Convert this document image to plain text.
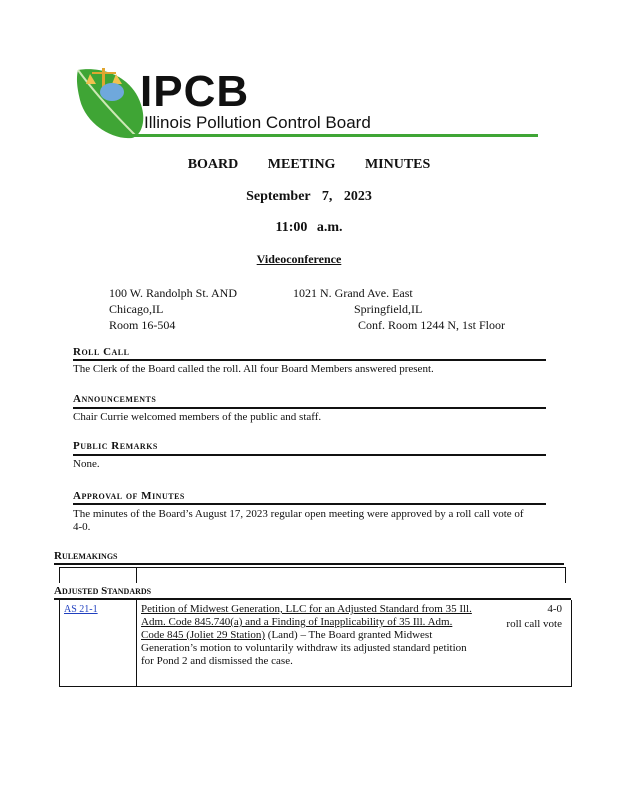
IPCB
Illinois Pollution Control Board
BOARD MEETING MINUTES
September 7, 2023
11:00 a.m.
Videoconference
100 W. Randolph St. AND
Chicago,IL
Room 16-504
1021 N. Grand Ave. East
Springfield,IL
Conf. Room 1244 N, 1st Floor
Roll Call
The Clerk of the Board called the roll. All four Board Members answered present.
Announcements
Chair Currie welcomed members of the public and staff.
Public Remarks
None.
Approval of Minutes
The minutes of the Board’s August 17, 2023 regular open meeting were approved by a roll call vote of 4-0.
Rulemakings
Adjusted Standards
AS 21-1	Petition of Midwest Generation, LLC for an Adjusted Standard from 35 Ill. Adm. Code 845.740(a) and a Finding of Inapplicability of 35 Ill. Adm. Code 845 (Joliet 29 Station) (Land) – The Board granted Midwest Generation’s motion to voluntarily withdraw its adjusted standard petition for Pond 2 and dismissed the case.
4-0
roll call vote
